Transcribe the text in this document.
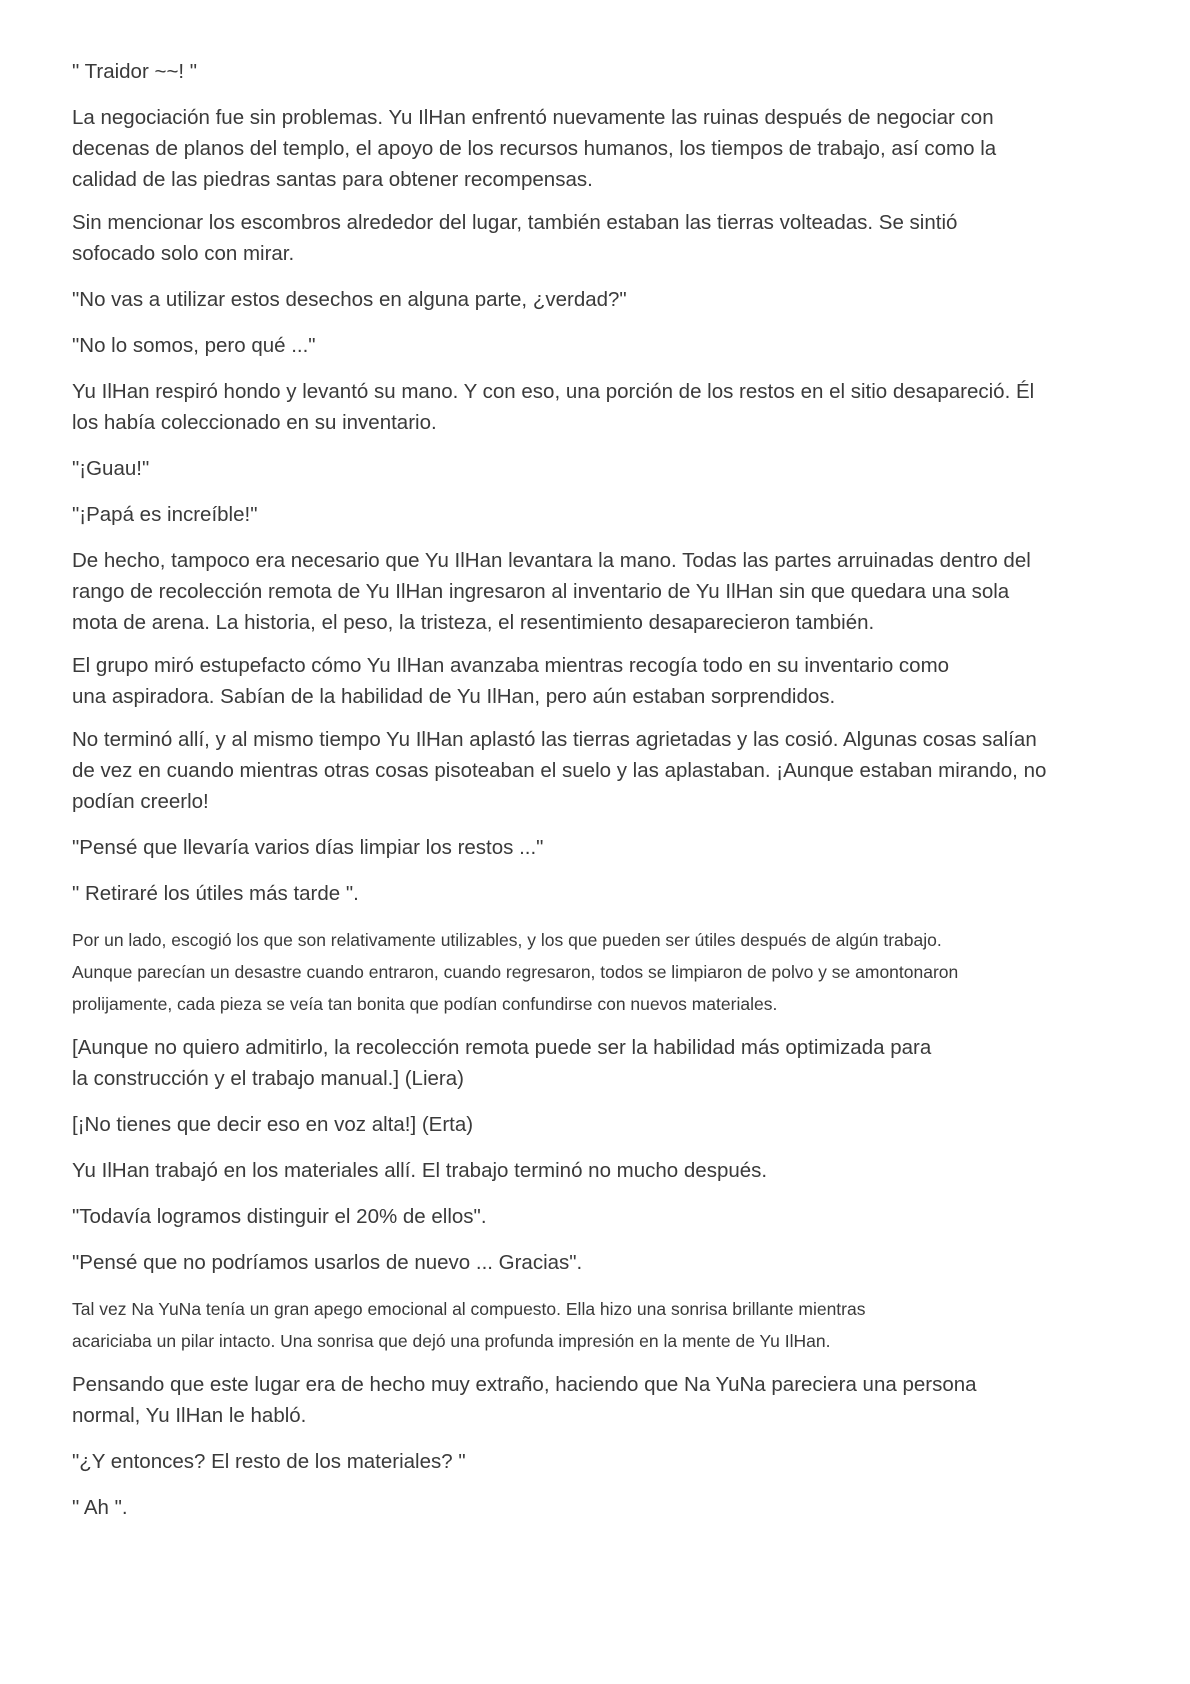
" Traidor ~~! "

La negociación fue sin problemas. Yu IlHan enfrentó nuevamente las ruinas después de negociar con
decenas de planos del templo, el apoyo de los recursos humanos, los tiempos de trabajo, así como la
calidad de las piedras santas para obtener recompensas.

Sin mencionar los escombros alrededor del lugar, también estaban las tierras volteadas. Se sintió
sofocado solo con mirar.

"No vas a utilizar estos desechos en alguna parte, ¿verdad?"

"No lo somos, pero qué ..."

Yu IlHan respiró hondo y levantó su mano. Y con eso, una porción de los restos en el sitio desapareció. Él
los había coleccionado en su inventario.

"¡Guau!"

"¡Papá es increíble!"

De hecho, tampoco era necesario que Yu IlHan levantara la mano. Todas las partes arruinadas dentro del
rango de recolección remota de Yu IlHan ingresaron al inventario de Yu IlHan sin que quedara una sola
mota de arena. La historia, el peso, la tristeza, el resentimiento desaparecieron también.

El grupo miró estupefacto cómo Yu IlHan avanzaba mientras recogía todo en su inventario como
una aspiradora. Sabían de la habilidad de Yu IlHan, pero aún estaban sorprendidos.

No terminó allí, y al mismo tiempo Yu IlHan aplastó las tierras agrietadas y las cosió. Algunas cosas salían
de vez en cuando mientras otras cosas pisoteaban el suelo y las aplastaban. ¡Aunque estaban mirando, no
podían creerlo!

"Pensé que llevaría varios días limpiar los restos ..."

" Retiraré los útiles más tarde ".

Por un lado, escogió los que son relativamente utilizables, y los que pueden ser útiles después de algún trabajo.
Aunque parecían un desastre cuando entraron, cuando regresaron, todos se limpiaron de polvo y se amontonaron
prolijamente, cada pieza se veía tan bonita que podían confundirse con nuevos materiales.

[Aunque no quiero admitirlo, la recolección remota puede ser la habilidad más optimizada para
la construcción y el trabajo manual.] (Liera)

[¡No tienes que decir eso en voz alta!] (Erta)

Yu IlHan trabajó en los materiales allí. El trabajo terminó no mucho después.

"Todavía logramos distinguir el 20% de ellos".

"Pensé que no podríamos usarlos de nuevo ... Gracias".

Tal vez Na YuNa tenía un gran apego emocional al compuesto. Ella hizo una sonrisa brillante mientras
acariciaba un pilar intacto. Una sonrisa que dejó una profunda impresión en la mente de Yu IlHan.

Pensando que este lugar era de hecho muy extraño, haciendo que Na YuNa pareciera una persona
normal, Yu IlHan le habló.

"¿Y entonces? El resto de los materiales? "

" Ah ".
